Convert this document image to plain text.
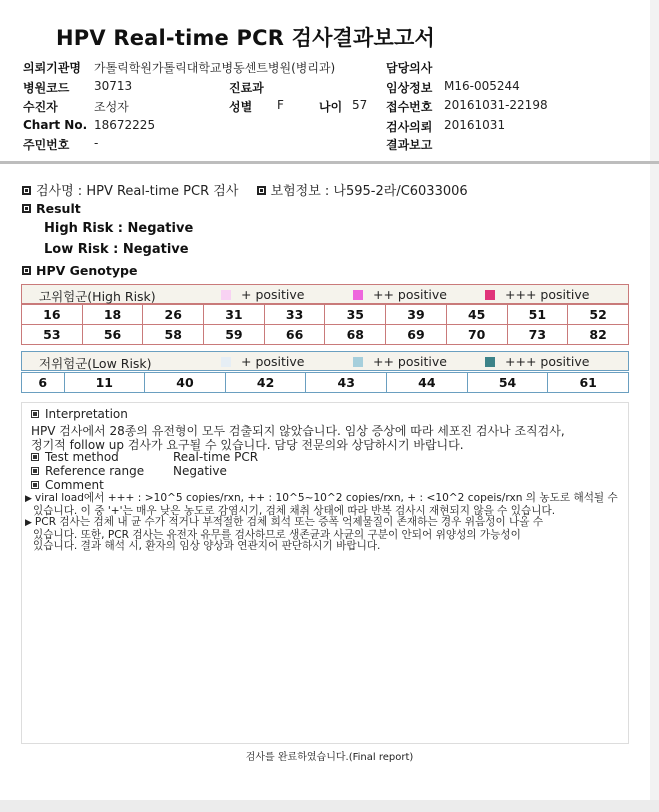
HPV Real-time PCR 검사결과보고서
의뢰기관명 가톨릭학원가톨릭대학교병동센트병원(병리과)	담당의사
병원코드 30713	진료과	임상정보 M16-005244
수진자	조성자	성별 F	나이 57 접수번호 20161031-22198
Chart No. 18672225	검사의뢰 20161031
주민번호 -	결과보고
검사명 : HPV Real-time PCR 검사 보험정보 : 나595-2라/C6033006
Result
High Risk : Negative
Low Risk : Negative
HPV Genotype
고위험군(High Risk)	+ positive	++ positive	+++ positive
16	18	26	31	33	35	39	45	51	52
53	56	58	59	66	68	69	70	73	82
저위험군(Low Risk)	+ positive	++ positive	+++ positive
6	11	40	42	43	44	54	61
Interpretation
HPV 검사에서 28종의 유전형이 모두 검출되지 않았습니다. 임상 증상에 따라 세포진 검사나 조직검사,
정기적 follow up 검사가 요구될 수 있습니다. 담당 전문의와 상담하시기 바랍니다.
Test method	Real-time PCR
Reference range Negative
Comment
▶ viral load에서 +++ : >10^5 copies/rxn, ++ : 10^5~10^2 copies/rxn, + : <10^2 copeis/rxn 의 농도로 해석될 수
있습니다. 이 중 '+'는 매우 낮은 농도로 감염시기, 검체 채취 상태에 따라 반복 검사시 재현되지 않을 수 있습니다.
▶ PCR 검사는 검체 내 균 수가 적거나 부적절한 검체 희석 또는 증폭 억제물질이 존재하는 경우 위음성이 나올 수
있습니다. 또한, PCR 검사는 유전자 유무를 검사하므로 생존균과 사균의 구분이 안되어 위양성의 가능성이
있습니다. 결과 해석 시, 환자의 임상 양상과 연관지어 판단하시기 바랍니다.
검사를 완료하였습니다.(Final report)
